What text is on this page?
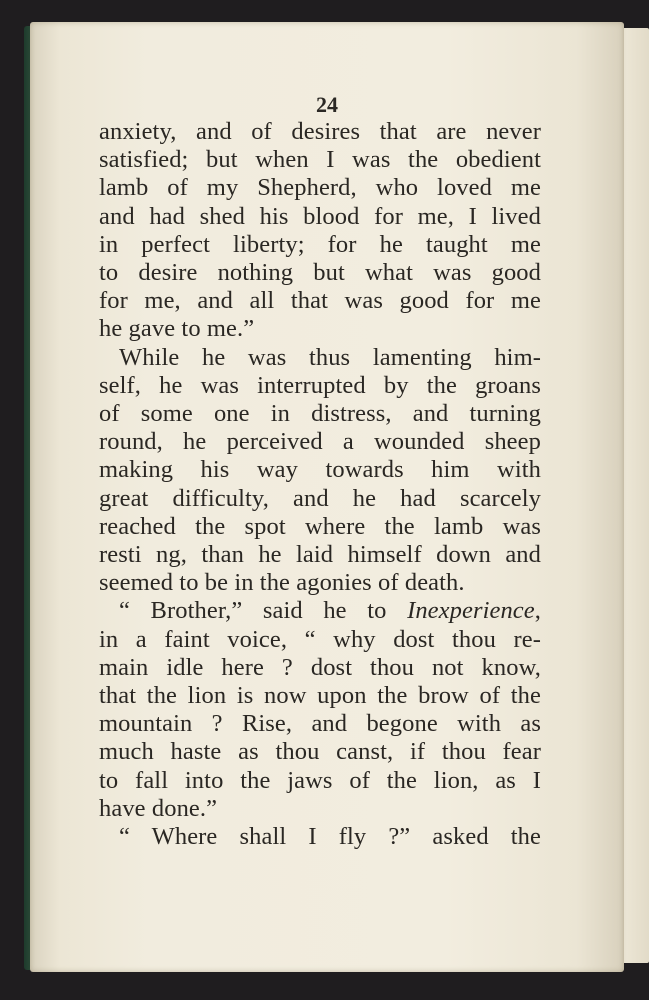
24
anxiety, and of desires that are never
satisfied; but when I was the obedient
lamb of my Shepherd, who loved me
and had shed his blood for me, I lived
in perfect liberty; for he taught me
to desire nothing but what was good
for me, and all that was good for me
he gave to me.”
While he was thus lamenting him-
self, he was interrupted by the groans
of some one in distress, and turning
round, he perceived a wounded sheep
making his way towards him with
great difficulty, and he had scarcely
reached the spot where the lamb was
resti ng, than he laid himself down and
seemed to be in the agonies of death.
“ Brother,” said he to Inexperience,
in a faint voice, “ why dost thou re-
main idle here ? dost thou not know,
that the lion is now upon the brow of the
mountain ? Rise, and begone with as
much haste as thou canst, if thou fear
to fall into the jaws of the lion, as I
have done.”
“ Where shall I fly ?” asked the
